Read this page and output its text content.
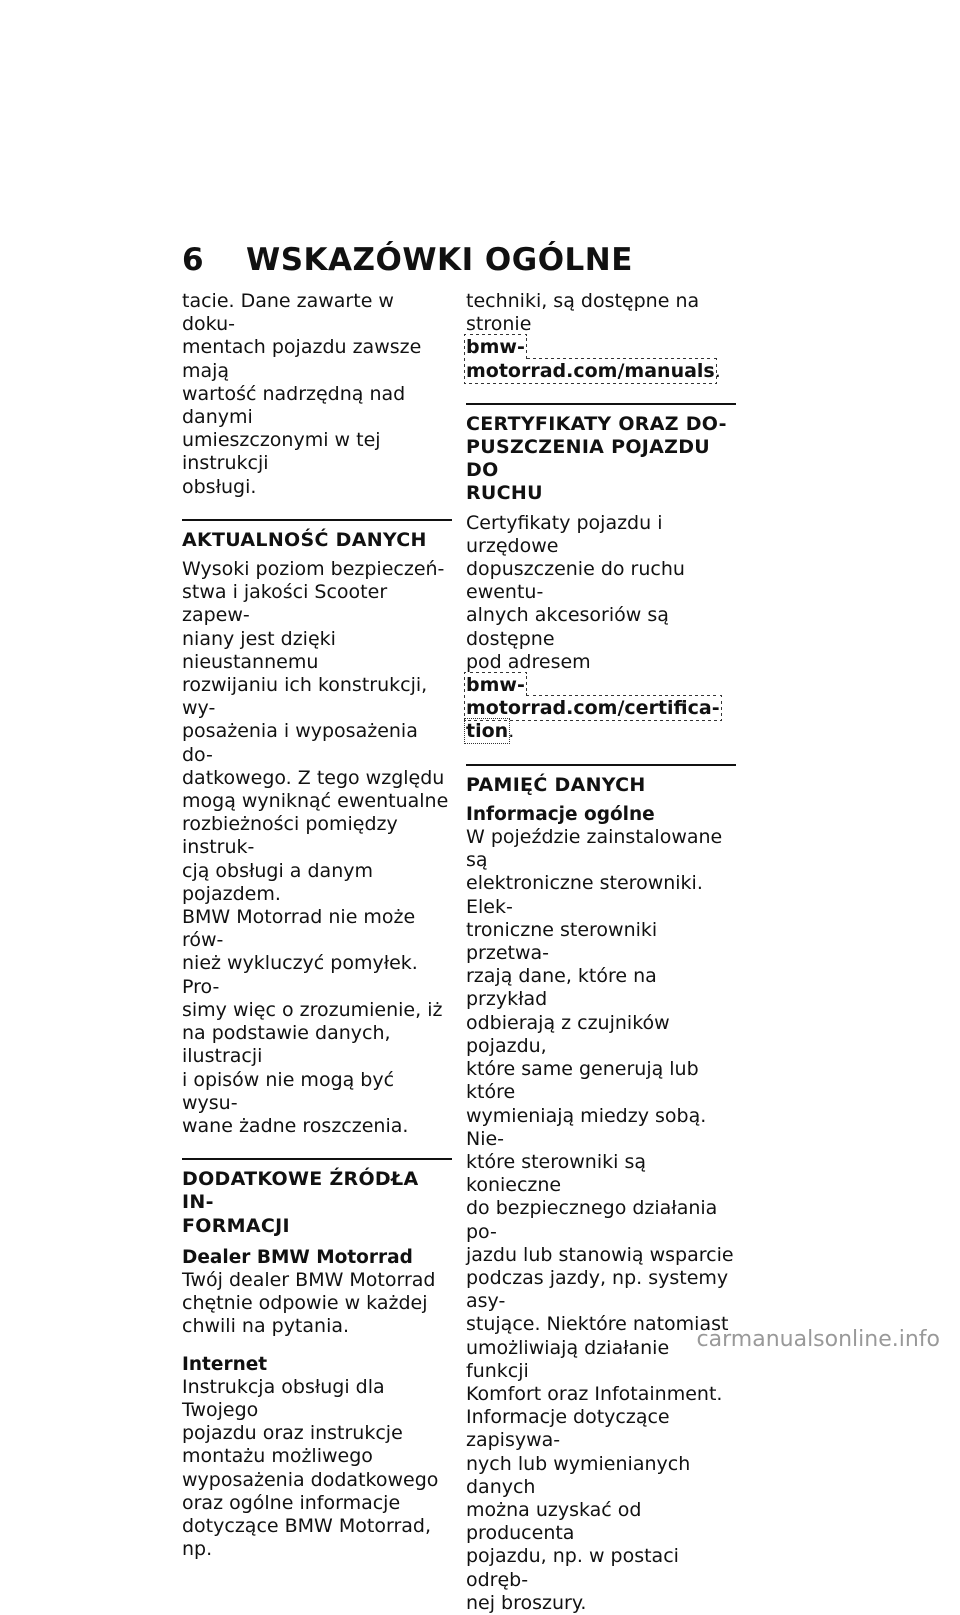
6 WSKAZÓWKI OGÓLNE

tacie. Dane zawarte w doku-

mentach pojazdu zawsze mają

wartość nadrzędną nad danymi

umieszczonymi w tej instrukcji

obsługi.

AKTUALNOŚĆ DANYCH

Wysoki poziom bezpieczeń-

stwa i jakości Scooter zapew-

niany jest dzięki nieustannemu

rozwijaniu ich konstrukcji, wy-

posażenia i wyposażenia do-

datkowego. Z tego względu

mogą wyniknąć ewentualne

rozbieżności pomiędzy instruk-

cją obsługi a danym pojazdem.

BMW Motorrad nie może rów-

nież wykluczyć pomyłek. Pro-

simy więc o zrozumienie, iż

na podstawie danych, ilustracji

i opisów nie mogą być wysu-

wane żadne roszczenia.

DODATKOWE ŹRÓDŁA IN-
FORMACJI
Dealer BMW Motorrad

Twój dealer BMW Motorrad

chętnie odpowie w każdej

chwili na pytania.

Internet

Instrukcja obsługi dla Twojego

pojazdu oraz instrukcje

montażu możliwego

wyposażenia dodatkowego

oraz ogólne informacje

dotyczące BMW Motorrad, np.

techniki, są dostępne na stronie

bmw-motorrad.com/manuals.

CERTYFIKATY ORAZ DO-
PUSZCZENIA POJAZDU DO
RUCHU

Certyfikaty pojazdu i urzędowe

dopuszczenie do ruchu ewentu-

alnych akcesoriów są dostępne

pod adresem

bmw-motorrad.com/certifica-

tion.

PAMIĘĆ DANYCH
Informacje ogólne

W pojeździe zainstalowane są

elektroniczne sterowniki. Elek-

troniczne sterowniki przetwa-

rzają dane, które na przykład

odbierają z czujników pojazdu,

które same generują lub które

wymieniają miedzy sobą. Nie-

które sterowniki są konieczne

do bezpiecznego działania po-

jazdu lub stanowią wsparcie

podczas jazdy, np. systemy asy-

stujące. Niektóre natomiast

umożliwiają działanie funkcji

Komfort oraz Infotainment.

Informacje dotyczące zapisywa-

nych lub wymienianych danych

można uzyskać od producenta

pojazdu, np. w postaci odręb-

nej broszury.

carmanualsonline.info
